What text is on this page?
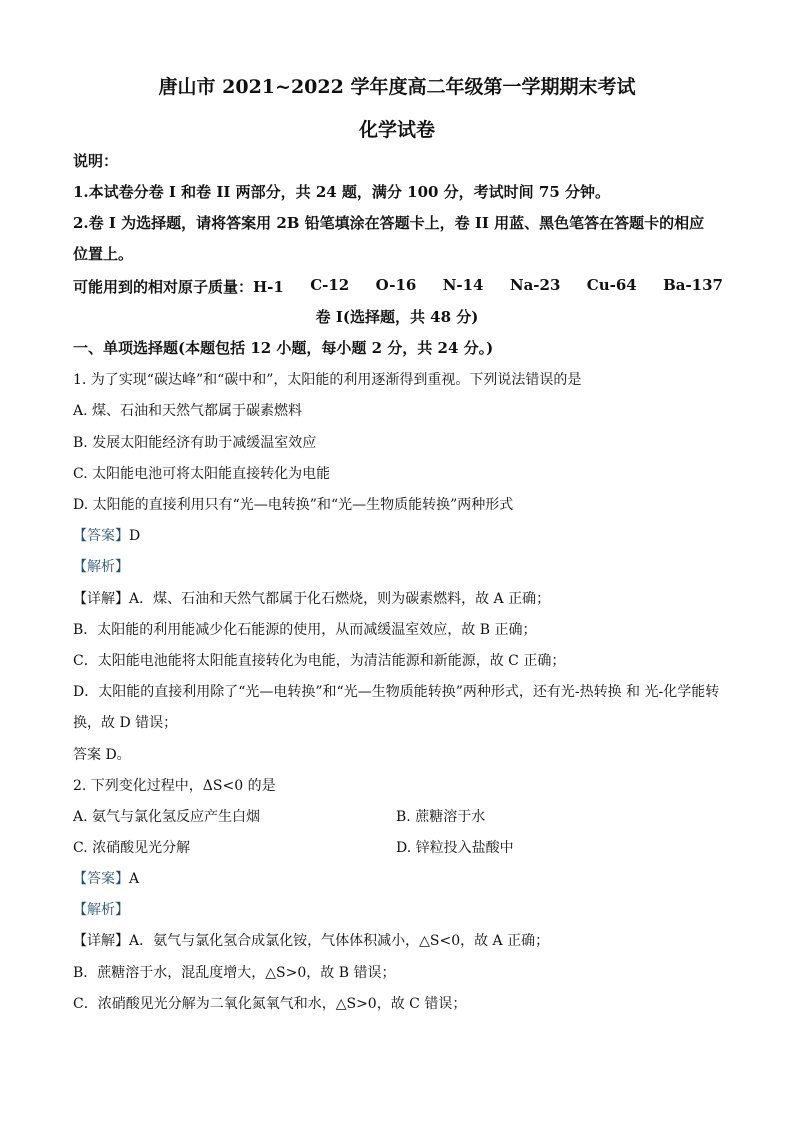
唐山市 2021~2022 学年度高二年级第一学期期末考试
化学试卷
说明：
1.本试卷分卷 I 和卷 II 两部分，共 24 题，满分 100 分，考试时间 75 分钟。
2.卷 I 为选择题，请将答案用 2B 铅笔填涂在答题卡上，卷 II 用蓝、黑色笔答在答题卡的相应
位置上。
可能用到的相对原子质量：H-1 C-12 O-16 N-14 Na-23 Cu-64 Ba-137
卷 I(选择题，共 48 分)
一、单项选择题(本题包括 12 小题，每小题 2 分，共 24 分。)
1. 为了实现“碳达峰”和“碳中和”，太阳能的利用逐渐得到重视。下列说法错误的是
A. 煤、石油和天然气都属于碳素燃料
B. 发展太阳能经济有助于减缓温室效应
C. 太阳能电池可将太阳能直接转化为电能
D. 太阳能的直接利用只有“光—电转换”和“光—生物质能转换”两种形式
【答案】D
【解析】
【详解】A．煤、石油和天然气都属于化石燃烧，则为碳素燃料，故 A 正确；
B．太阳能的利用能减少化石能源的使用，从而减缓温室效应，故 B 正确；
C．太阳能电池能将太阳能直接转化为电能，为清洁能源和新能源，故 C 正确；
D．太阳能的直接利用除了“光—电转换”和“光—生物质能转换”两种形式，还有光-热转换 和 光-化学能转
换，故 D 错误；
答案 D。
2. 下列变化过程中，ΔS<0 的是
A. 氨气与氯化氢反应产生白烟	B. 蔗糖溶于水
C. 浓硝酸见光分解	D. 锌粒投入盐酸中
【答案】A
【解析】
【详解】A．氨气与氯化氢合成氯化铵，气体体积减小，△S<0，故 A 正确；
B．蔗糖溶于水，混乱度增大，△S>0，故 B 错误；
C．浓硝酸见光分解为二氧化氮氧气和水，△S>0，故 C 错误；
